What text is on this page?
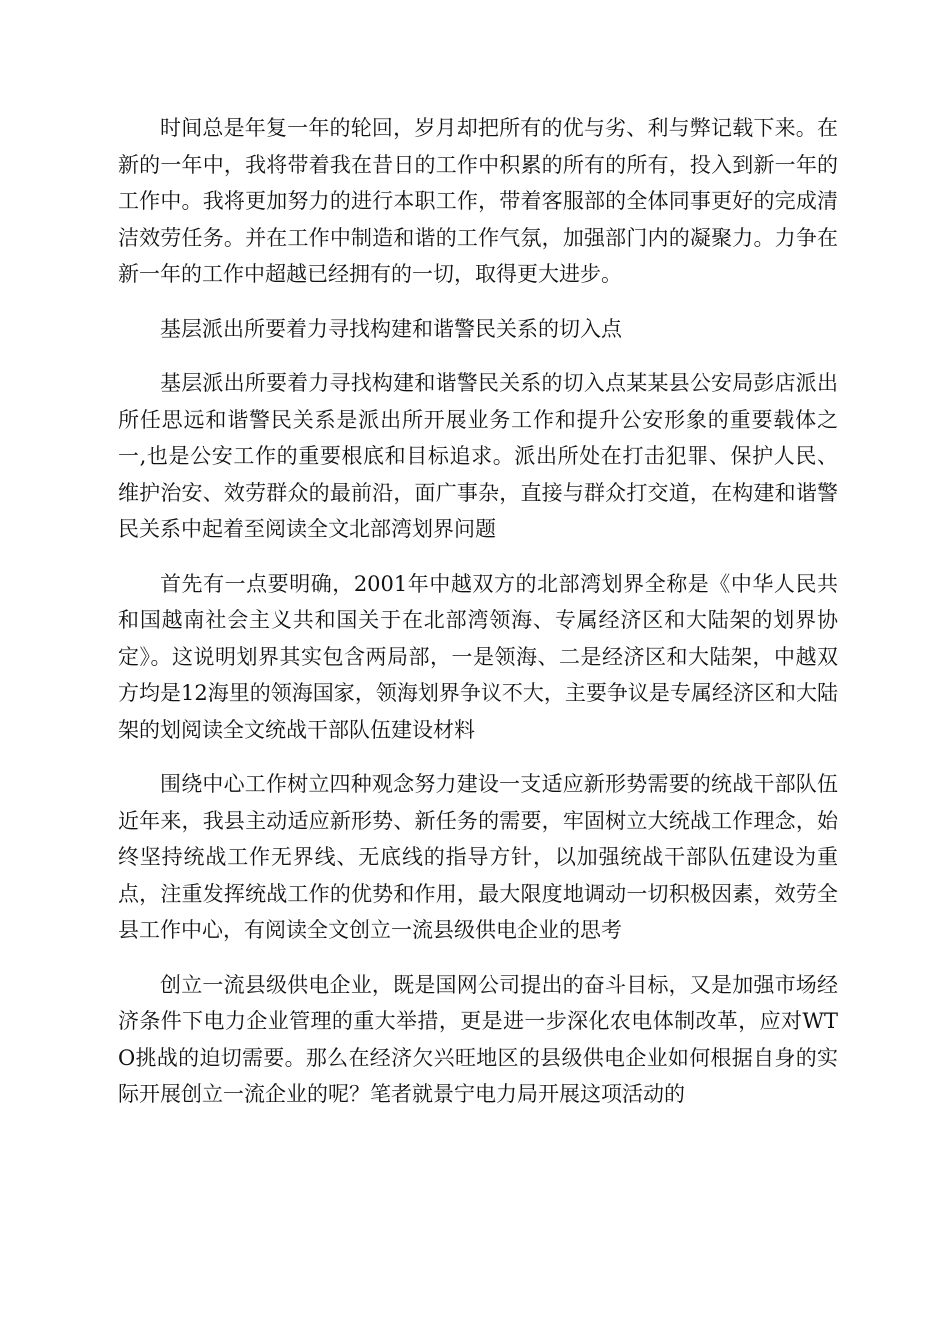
时间总是年复一年的轮回，岁月却把所有的优与劣、利与弊记载下来。在新的一年中，我将带着我在昔日的工作中积累的所有的所有，投入到新一年的工作中。我将更加努力的进行本职工作，带着客服部的全体同事更好的完成清洁效劳任务。并在工作中制造和谐的工作气氛，加强部门内的凝聚力。力争在新一年的工作中超越已经拥有的一切，取得更大进步。

基层派出所要着力寻找构建和谐警民关系的切入点

基层派出所要着力寻找构建和谐警民关系的切入点某某县公安局彭店派出所任思远和谐警民关系是派出所开展业务工作和提升公安形象的重要载体之一,也是公安工作的重要根底和目标追求。派出所处在打击犯罪、保护人民、维护治安、效劳群众的最前沿，面广事杂，直接与群众打交道，在构建和谐警民关系中起着至阅读全文北部湾划界问题

首先有一点要明确，2001年中越双方的北部湾划界全称是《中华人民共和国越南社会主义共和国关于在北部湾领海、专属经济区和大陆架的划界协定》。这说明划界其实包含两局部，一是领海、二是经济区和大陆架，中越双方均是12海里的领海国家，领海划界争议不大，主要争议是专属经济区和大陆架的划阅读全文统战干部队伍建设材料

围绕中心工作树立四种观念努力建设一支适应新形势需要的统战干部队伍近年来，我县主动适应新形势、新任务的需要，牢固树立大统战工作理念，始终坚持统战工作无界线、无底线的指导方针，以加强统战干部队伍建设为重点，注重发挥统战工作的优势和作用，最大限度地调动一切积极因素，效劳全县工作中心，有阅读全文创立一流县级供电企业的思考

创立一流县级供电企业，既是国网公司提出的奋斗目标，又是加强市场经济条件下电力企业管理的重大举措，更是进一步深化农电体制改革，应对WTO挑战的迫切需要。那么在经济欠兴旺地区的县级供电企业如何根据自身的实际开展创立一流企业的呢？笔者就景宁电力局开展这项活动的
